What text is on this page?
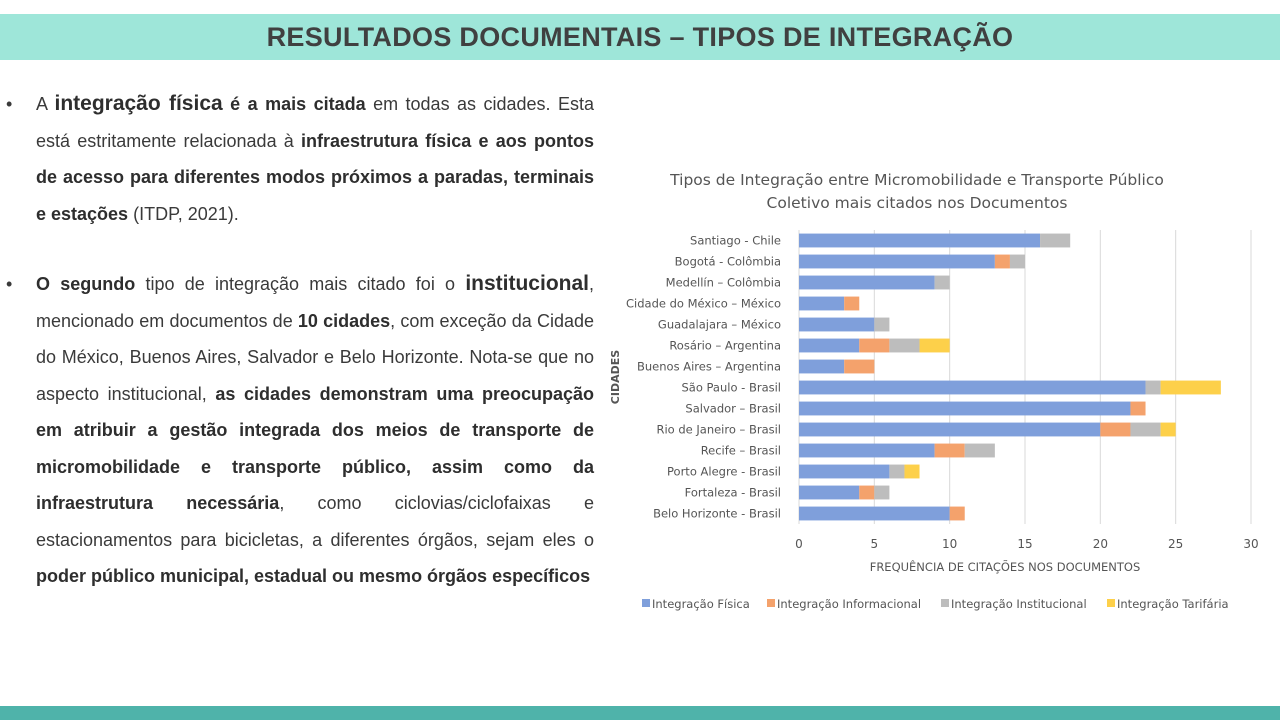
RESULTADOS DOCUMENTAIS – TIPOS DE INTEGRAÇÃO
• A integração física é a mais citada em todas as cidades. Esta está estritamente relacionada à infraestrutura física e aos pontos de acesso para diferentes modos próximos a paradas, terminais e estações (ITDP, 2021).
• O segundo tipo de integração mais citado foi o institucional, mencionado em documentos de 10 cidades, com exceção da Cidade do México, Buenos Aires, Salvador e Belo Horizonte. Nota-se que no aspecto institucional, as cidades demonstram uma preocupação em atribuir a gestão integrada dos meios de transporte de micromobilidade e transporte público, assim como da infraestrutura necessária, como ciclovias/ciclofaixas e estacionamentos para bicicletas, a diferentes órgãos, sejam eles o poder público municipal, estadual ou mesmo órgãos específicos
Tipos de Integração entre Micromobilidade e Transporte Público
Coletivo mais citados nos Documentos
Santiago - Chile
Bogotá - Colômbia
Medellín – Colômbia
Cidade do México – México
Guadalajara – México
Rosário – Argentina
Buenos Aires – Argentina
São Paulo - Brasil
Salvador – Brasil
Rio de Janeiro – Brasil
Recife – Brasil
Porto Alegre - Brasil
Fortaleza - Brasil
Belo Horizonte - Brasil
0	5	10	15	20	25	30
FREQUÊNCIA DE CITAÇÕES NOS DOCUMENTOS
CIDADES
Integração Física Integração Informacional	Integração Institucional	Integração Tarifária
